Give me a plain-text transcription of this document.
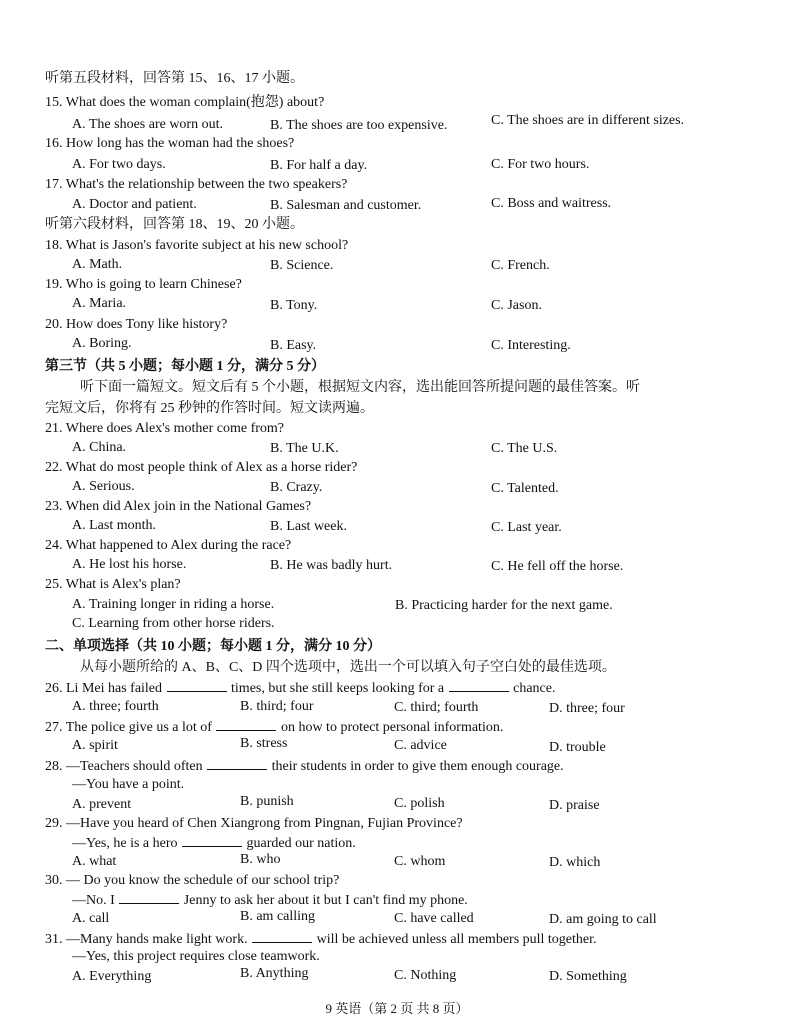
听第五段材料，回答第 15、16、17 小题。
15. What does the woman complain(抱怨) about?
A. The shoes are worn out.	B. The shoes are too expensive.	C. The shoes are in different sizes.
16. How long has the woman had the shoes?
A. For two days.	B. For half a day.	C. For two hours.
17. What's the relationship between the two speakers?
A. Doctor and patient.	B. Salesman and customer.	C. Boss and waitress.
听第六段材料，回答第 18、19、20 小题。
18. What is Jason's favorite subject at his new school?
A. Math.	B. Science.	C. French.
19. Who is going to learn Chinese?
A. Maria.	B. Tony.	C. Jason.
20. How does Tony like history?
A. Boring.	B. Easy.	C. Interesting.
第三节（共 5 小题；每小题 1 分，满分 5 分）
听下面一篇短文。短文后有 5 个小题，根据短文内容，选出能回答所提问题的最佳答案。听
完短文后，你将有 25 秒钟的作答时间。短文读两遍。
21. Where does Alex's mother come from?
A. China.	B. The U.K.	C. The U.S.
22. What do most people think of Alex as a horse rider?
A. Serious.	B. Crazy.	C. Talented.
23. When did Alex join in the National Games?
A. Last month.	B. Last week.	C. Last year.
24. What happened to Alex during the race?
A. He lost his horse.	B. He was badly hurt.	C. He fell off the horse.
25. What is Alex's plan?
A. Training longer in riding a horse.	B. Practicing harder for the next game.
C. Learning from other horse riders.
二、单项选择（共 10 小题；每小题 1 分，满分 10 分）
从每小题所给的 A、B、C、D 四个选项中，选出一个可以填入句子空白处的最佳选项。
26. Li Mei has failed	times, but she still keeps looking for a	chance.
A. three; fourth	B. third; four	C. third; fourth	D. three; four
27. The police give us a lot of	on how to protect personal information.
A. spirit	B. stress	C. advice	D. trouble
28. —Teachers should often	their students in order to give them enough courage.
—You have a point.
A. prevent	B. punish	C. polish	D. praise
29. —Have you heard of Chen Xiangrong from Pingnan, Fujian Province?
—Yes, he is a hero	guarded our nation.
A. what	B. who	C. whom	D. which
30. — Do you know the schedule of our school trip?
—No. I	Jenny to ask her about it but I can't find my phone.
A. call	B. am calling	C. have called	D. am going to call
31. —Many hands make light work.	will be achieved unless all members pull together.
—Yes, this project requires close teamwork.
A. Everything	B. Anything	C. Nothing	D. Something
9 英语（第 2 页 共 8 页）
